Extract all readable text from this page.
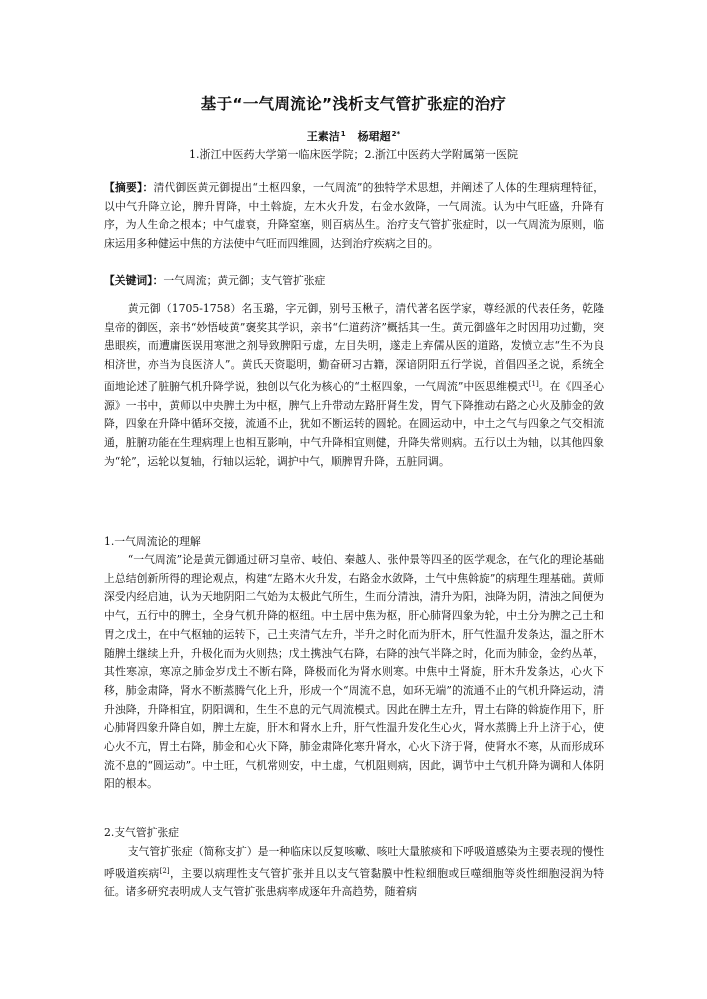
基于“一气周流论”浅析支气管扩张症的治疗
王素洁$^1$ 杨珺超$^{2*}$
1.浙江中医药大学第一临床医学院；2.浙江中医药大学附属第一医院

【摘要】：清代御医黄元御提出“土枢四象，一气周流”的独特学术思想，并阐述了人体的生理病理特征，以中气升降立论，脾升胃降，中土斡旋，左木火升发，右金水敛降，一气周流。认为中气旺盛，升降有序，为人生命之根本；中气虚衰，升降窒塞，则百病丛生。治疗支气管扩张症时，以一气周流为原则，临床运用多种健运中焦的方法使中气旺而四维圆，达到治疗疾病之目的。

【关键词】：一气周流；黄元御；支气管扩张症

黄元御（1705-1758）名玉璐，字元御，别号玉楸子，清代著名医学家，尊经派的代表任务，乾隆皇帝的御医，亲书“妙悟岐黄”褒奖其学识，亲书“仁道药济”概括其一生。黄元御盛年之时因用功过勤，突患眼疾，而遭庸医误用寒泄之剂导致脾阳亏虚，左目失明，遂走上弃儒从医的道路，发愤立志“生不为良相济世，亦当为良医济人”。黄氏天资聪明，勤奋研习古籍，深谙阴阳五行学说，首倡四圣之说，系统全面地论述了脏腑气机升降学说，独创以气化为核心的“土枢四象，一气周流”中医思维模式[1]。在《四圣心源》一书中，黄师以中央脾土为中枢，脾气上升带动左路肝肾生发，胃气下降推动右路之心火及肺金的敛降，四象在升降中循环交接，流通不止，犹如不断运转的圆轮。在圆运动中，中土之气与四象之气交相流通，脏腑功能在生理病理上也相互影响，中气升降相宜则健，升降失常则病。五行以土为轴，以其他四象为“轮”，运轮以复轴，行轴以运轮，调护中气，顺脾胃升降，五脏同调。

1.一气周流论的理解

“一气周流”论是黄元御通过研习皇帝、岐伯、秦越人、张仲景等四圣的医学观念，在气化的理论基础上总结创新所得的理论观点，构建“左路木火升发，右路金水敛降，土气中焦斡旋”的病理生理基础。黄师深受内经启迪，认为天地阴阳二气始为太极此气所生，生而分清浊，清升为阳，浊降为阴，清浊之间便为中气，五行中的脾土，全身气机升降的枢纽。中土居中焦为枢，肝心肺肾四象为轮，中土分为脾之己土和胃之戊土，在中气枢轴的运转下，己土夹清气左升，半升之时化而为肝木，肝气性温升发条达，温之肝木随脾土继续上升，升极化而为火则热；戊土携浊气右降，右降的浊气半降之时，化而为肺金，金约丛革，其性寒凉，寒凉之肺金岁戊土不断右降，降极而化为肾水则寒。中焦中土肾旋，肝木升发条达，心火下移，肺金肃降，肾水不断蒸腾气化上升，形成一个“周流不息，如环无端”的流通不止的气机升降运动，清升浊降，升降相宜，阴阳调和，生生不息的元气周流模式。因此在脾土左升，胃土右降的斡旋作用下，肝心肺肾四象升降自如，脾土左旋，肝木和肾水上升，肝气性温升发化生心火，肾水蒸腾上升上济于心，使心火不亢，胃土右降，肺金和心火下降，肺金肃降化寒升肾水，心火下济于肾，使肾水不寒，从而形成环流不息的“圆运动”。中土旺，气机常则安，中土虚，气机阻则病，因此，调节中土气机升降为调和人体阴阳的根本。

2.支气管扩张症

支气管扩张症（简称支扩）是一种临床以反复咳嗽、咳吐大量脓痰和下呼吸道感染为主要表现的慢性呼吸道疾病[2]，主要以病理性支气管扩张并且以支气管黏膜中性粒细胞或巨噬细胞等炎性细胞浸润为特征。诸多研究表明成人支气管扩张患病率成逐年升高趋势，随着病
